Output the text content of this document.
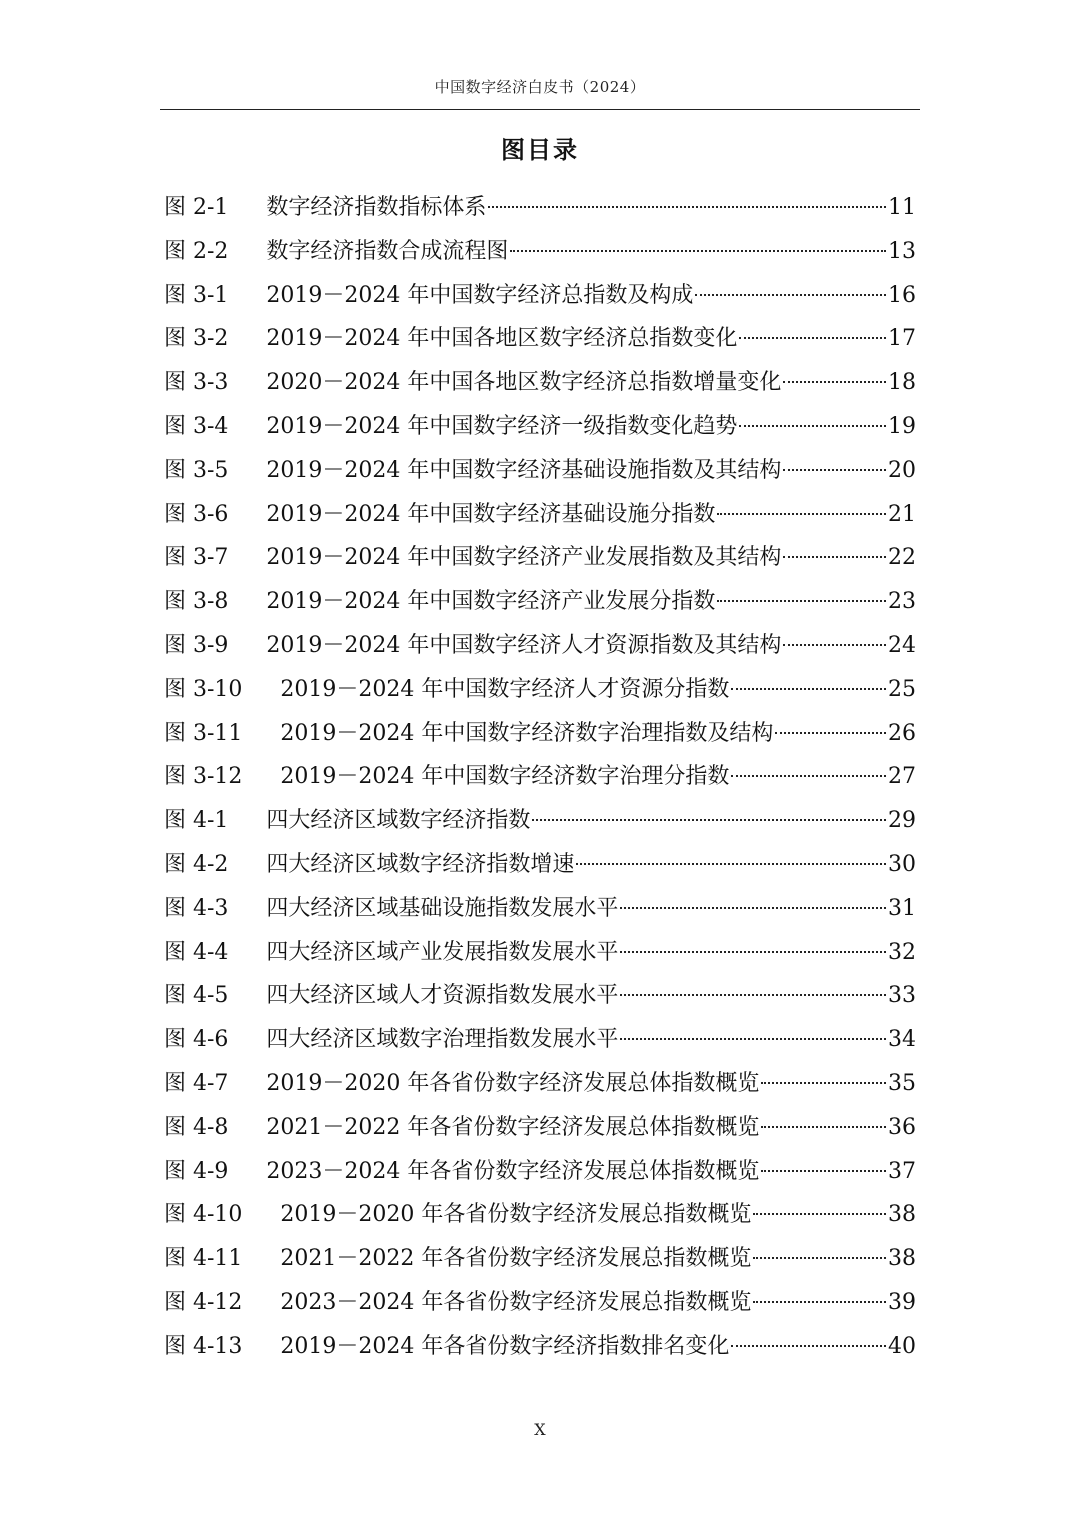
中国数字经济白皮书（2024）
图目录
图 2-1 数字经济指数指标体系	11
图 2-2 数字经济指数合成流程图	13
图 3-1 2019－2024 年中国数字经济总指数及构成	16
图 3-2 2019－2024 年中国各地区数字经济总指数变化	17
图 3-3 2020－2024 年中国各地区数字经济总指数增量变化	18
图 3-4 2019－2024 年中国数字经济一级指数变化趋势	19
图 3-5 2019－2024 年中国数字经济基础设施指数及其结构	20
图 3-6 2019－2024 年中国数字经济基础设施分指数	21
图 3-7 2019－2024 年中国数字经济产业发展指数及其结构	22
图 3-8 2019－2024 年中国数字经济产业发展分指数	23
图 3-9 2019－2024 年中国数字经济人才资源指数及其结构	24
图 3-10 2019－2024 年中国数字经济人才资源分指数	25
图 3-11 2019－2024 年中国数字经济数字治理指数及结构	26
图 3-12 2019－2024 年中国数字经济数字治理分指数	27
图 4-1 四大经济区域数字经济指数	29
图 4-2 四大经济区域数字经济指数增速	30
图 4-3 四大经济区域基础设施指数发展水平	31
图 4-4 四大经济区域产业发展指数发展水平	32
图 4-5 四大经济区域人才资源指数发展水平	33
图 4-6 四大经济区域数字治理指数发展水平	34
图 4-7 2019－2020 年各省份数字经济发展总体指数概览	35
图 4-8 2021－2022 年各省份数字经济发展总体指数概览	36
图 4-9 2023－2024 年各省份数字经济发展总体指数概览	37
图 4-10 2019－2020 年各省份数字经济发展总指数概览	38
图 4-11 2021－2022 年各省份数字经济发展总指数概览	38
图 4-12 2023－2024 年各省份数字经济发展总指数概览	39
图 4-13 2019－2024 年各省份数字经济指数排名变化	40
X
